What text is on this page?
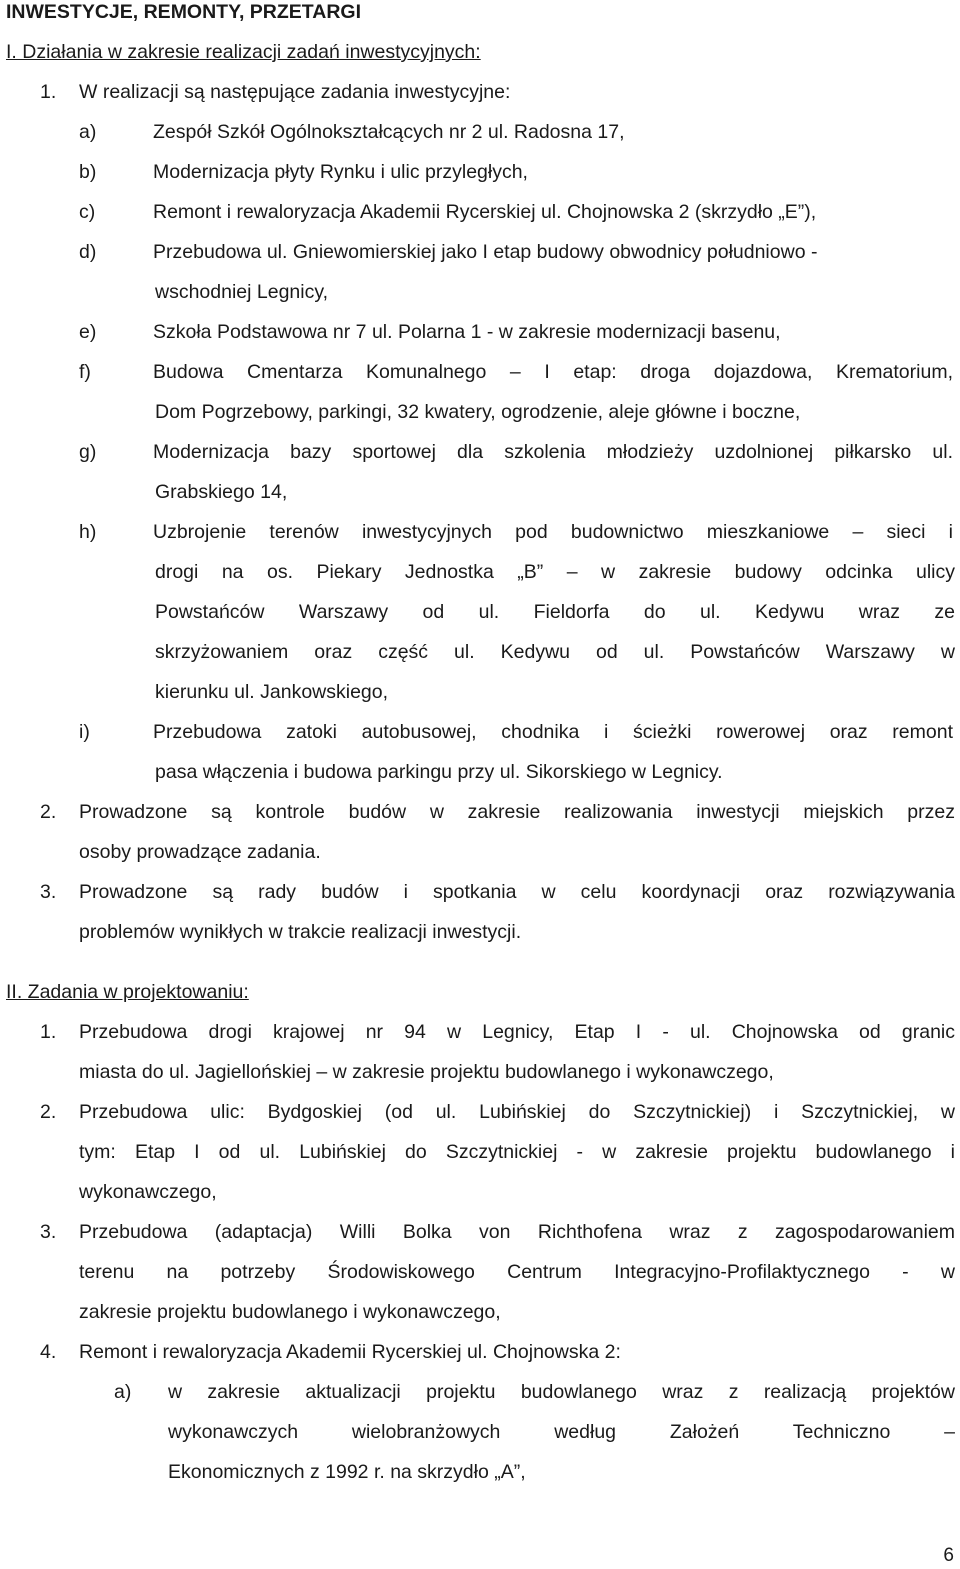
INWESTYCJE, REMONTY, PRZETARGI
I. Działania w zakresie realizacji zadań inwestycyjnych:
1. W realizacji są następujące zadania inwestycyjne:
a)	Zespół Szkół Ogólnokształcących nr 2 ul. Radosna 17,
b)	Modernizacja płyty Rynku i ulic przyległych,
c)	Remont i rewaloryzacja Akademii Rycerskiej ul. Chojnowska 2 (skrzydło „E”),
d)	Przebudowa ul. Gniewomierskiej jako I etap budowy obwodnicy południowo -
wschodniej Legnicy,
e)	Szkoła Podstawowa nr 7 ul. Polarna 1 - w zakresie modernizacji basenu,
f)	Budowa Cmentarza Komunalnego – I etap: droga dojazdowa, Krematorium,
Dom Pogrzebowy, parkingi, 32 kwatery, ogrodzenie, aleje główne i boczne,
g)	Modernizacja bazy sportowej dla szkolenia młodzieży uzdolnionej piłkarsko ul.
Grabskiego 14,
h)	Uzbrojenie terenów inwestycyjnych pod budownictwo mieszkaniowe – sieci i
drogi na os. Piekary Jednostka „B” – w zakresie budowy odcinka ulicy
Powstańców Warszawy od ul. Fieldorfa do ul. Kedywu wraz ze
skrzyżowaniem oraz część ul. Kedywu od ul. Powstańców Warszawy w
kierunku ul. Jankowskiego,
i)	Przebudowa zatoki autobusowej, chodnika i ścieżki rowerowej oraz remont
pasa włączenia i budowa parkingu przy ul. Sikorskiego w Legnicy.
2. Prowadzone są kontrole budów w zakresie realizowania inwestycji miejskich przez
osoby prowadzące zadania.
3. Prowadzone są rady budów i spotkania w celu koordynacji oraz rozwiązywania
problemów wynikłych w trakcie realizacji inwestycji.
II. Zadania w projektowaniu:
1. Przebudowa drogi krajowej nr 94 w Legnicy, Etap I - ul. Chojnowska od granic
miasta do ul. Jagiellońskiej – w zakresie projektu budowlanego i wykonawczego,
2. Przebudowa ulic: Bydgoskiej (od ul. Lubińskiej do Szczytnickiej) i Szczytnickiej, w
tym: Etap I od ul. Lubińskiej do Szczytnickiej - w zakresie projektu budowlanego i
wykonawczego,
3. Przebudowa (adaptacja) Willi Bolka von Richthofena wraz z zagospodarowaniem
terenu na potrzeby Środowiskowego Centrum Integracyjno-Profilaktycznego - w
zakresie projektu budowlanego i wykonawczego,
4. Remont i rewaloryzacja Akademii Rycerskiej ul. Chojnowska 2:
a) w zakresie aktualizacji projektu budowlanego wraz z realizacją projektów
wykonawczych wielobranżowych według Założeń Techniczno –
Ekonomicznych z 1992 r. na skrzydło „A”,
6
